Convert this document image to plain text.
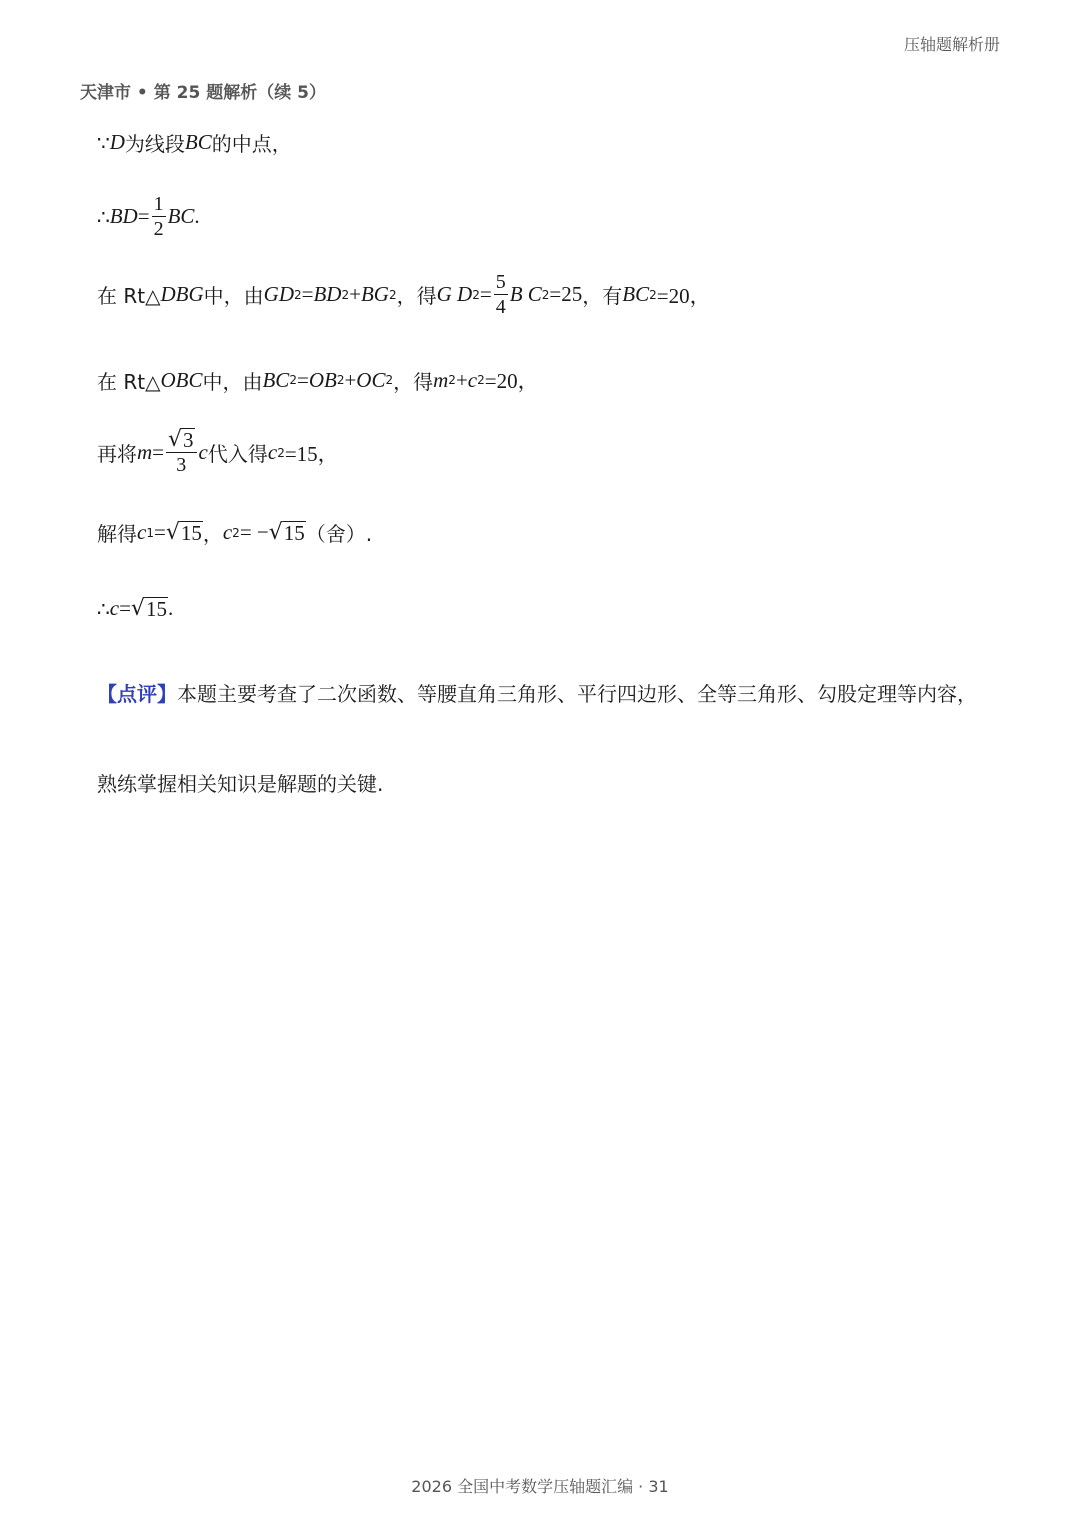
压轴题解析册
天津市 • 第 25 题解析（续 5）
∵ D 为线段 BC 的中点，
∴ BD = $\frac{1}{2}$ BC .
在 Rt△ DBG 中，由 GD 2 = BD 2 + BG 2 ，得 G D $2 = \frac{5}{4}$ B C 2 =25 ，有 BC 2 =20，
在 Rt△ OBC 中，由 BC 2 = OB 2 + OC 2 ，得 m 2 + c 2 =20，
再将 $m = \frac{√ 3}{3}$ c 代入得 c 2 =15，
解得 c 1 = √ 15 ， c 2 = − √ 15 （舍）.
∴ c = √ 15 .
【点评】 本题主要考查了二次函数、等腰直角三角形、平行四边形、全等三角形、勾股定理等内容，
熟练掌握相关知识是解题的关键.
2026 全国中考数学压轴题汇编 · 31
